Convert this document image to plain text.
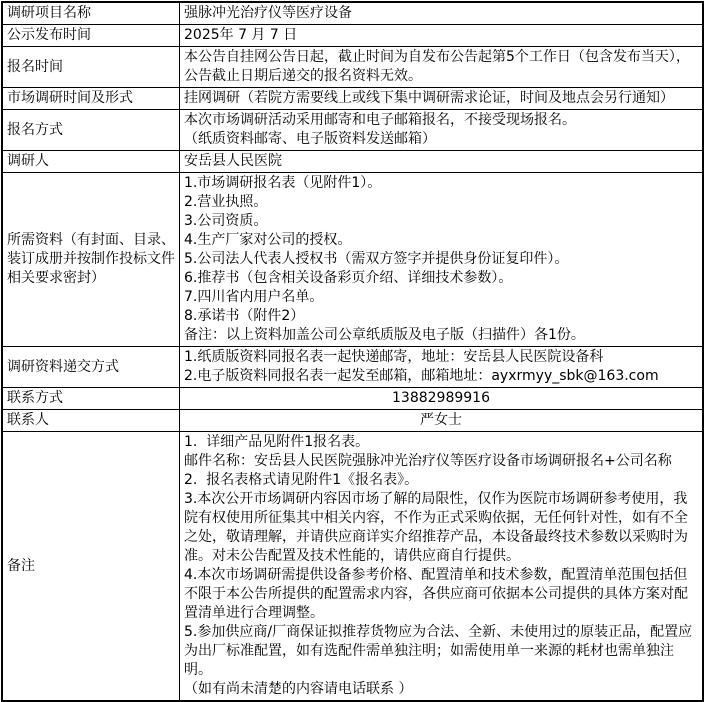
调研项目名称	强脉冲光治疗仪等医疗设备

公示发布时间	2025年 7 月 7 日

报名时间	本公告自挂网公告日起，截止时间为自发布公告起第5个工作日（包含发布当天），公告截止日期后递交的报名资料无效。

市场调研时间及形式	挂网调研（若院方需要线上或线下集中调研需求论证，时间及地点会另行通知）

报名方式	本次市场调研活动采用邮寄和电子邮箱报名，不接受现场报名。
（纸质资料邮寄、电子版资料发送邮箱）

调研人	安岳县人民医院

所需资料（有封面、目录、装订成册并按制作投标文件相关要求密封）	
1.市场调研报名表（见附件1）。
2.营业执照。
3.公司资质。
4.生产厂家对公司的授权。
5.公司法人代表人授权书（需双方签字并提供身份证复印件）。
6.推荐书（包含相关设备彩页介绍、详细技术参数）。
7.四川省内用户名单。
8.承诺书（附件2）
备注：以上资料加盖公司公章纸质版及电子版（扫描件）各1份。

调研资料递交方式	1.纸质版资料同报名表一起快递邮寄，地址：安岳县人民医院设备科
2.电子版资料同报名表一起发至邮箱，邮箱地址：ayxrmyy_sbk@163.com

联系方式	13882989916

联系人	严女士

备注	
1.  详细产品见附件1报名表。
邮件名称：安岳县人民医院强脉冲光治疗仪等医疗设备市场调研报名+公司名称
2.  报名表格式请见附件1《报名表》。
3.本次公开市场调研内容因市场了解的局限性，仅作为医院市场调研参考使用，我院有权使用所征集其中相关内容，不作为正式采购依据，无任何针对性，如有不全之处，敬请理解，并请供应商详实介绍推荐产品，本设备最终技术参数以采购时为准。对未公告配置及技术性能的，请供应商自行提供。
4.本次市场调研需提供设备参考价格、配置清单和技术参数，配置清单范围包括但不限于本公告所提供的配置需求内容，各供应商可依据本公司提供的具体方案对配置清单进行合理调整。
5.参加供应商/厂商保证拟推荐货物应为合法、全新、未使用过的原装正品，配置应为出厂标准配置，如有选配件需单独注明；如需使用单一来源的耗材也需单独注明。
（如有尚未清楚的内容请电话联系 ）
